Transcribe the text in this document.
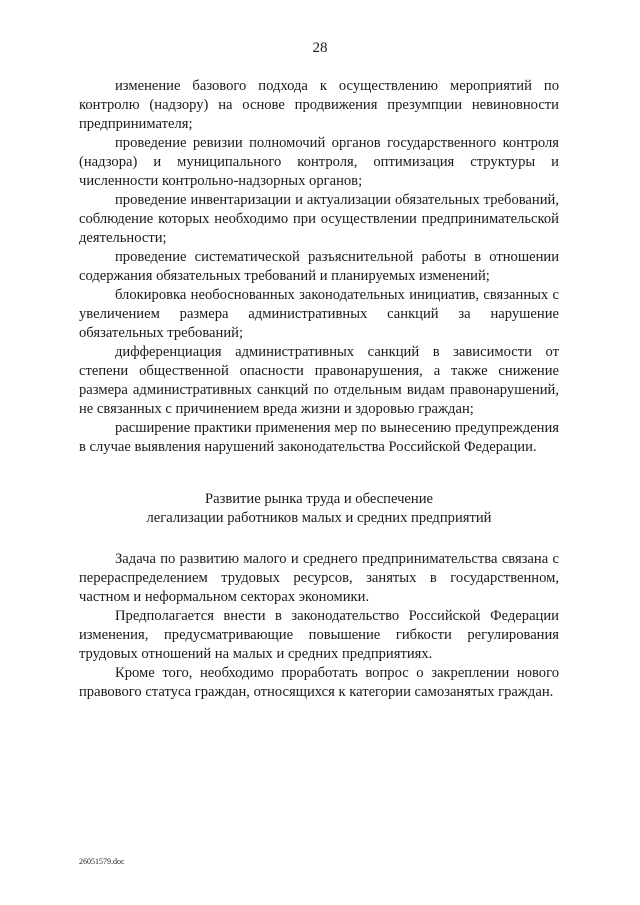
28

изменение базового подхода к осуществлению мероприятий по контролю (надзору) на основе продвижения презумпции невиновности предпринимателя;

проведение ревизии полномочий органов государственного контроля (надзора) и муниципального контроля, оптимизация структуры и численности контрольно-надзорных органов;

проведение инвентаризации и актуализации обязательных требований, соблюдение которых необходимо при осуществлении предпринимательской деятельности;

проведение систематической разъяснительной работы в отношении содержания обязательных требований и планируемых изменений;

блокировка необоснованных законодательных инициатив, связанных с увеличением размера административных санкций за нарушение обязательных требований;

дифференциация административных санкций в зависимости от степени общественной опасности правонарушения, а также снижение размера административных санкций по отдельным видам правонарушений, не связанных с причинением вреда жизни и здоровью граждан;

расширение практики применения мер по вынесению предупреждения в случае выявления нарушений законодательства Российской Федерации.

Развитие рынка труда и обеспечение
легализации работников малых и средних предприятий

Задача по развитию малого и среднего предпринимательства связана с перераспределением трудовых ресурсов, занятых в государственном, частном и неформальном секторах экономики.

Предполагается внести в законодательство Российской Федерации изменения, предусматривающие повышение гибкости регулирования трудовых отношений на малых и средних предприятиях.

Кроме того, необходимо проработать вопрос о закреплении нового правового статуса граждан, относящихся к категории самозанятых граждан.

26051579.doc
